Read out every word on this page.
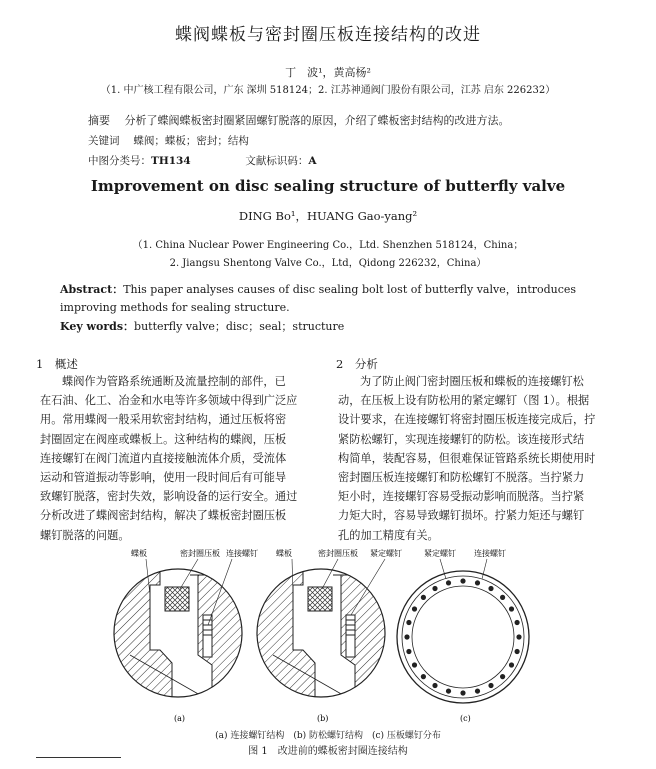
蝶阀蝶板与密封圈压板连接结构的改进
丁　波¹，黄高杨²
（1. 中广核工程有限公司，广东 深圳 518124；2. 江苏神通阀门股份有限公司，江苏 启东 226232）
摘要　 分析了蝶阀蝶板密封圈紧固螺钉脱落的原因，介绍了蝶板密封结构的改进方法。
关键词　 蝶阀；蝶板；密封；结构
中图分类号：TH134	文献标识码：A
Improvement on disc sealing structure of butterfly valve
DING Bo¹，HUANG Gao-yang²
（1. China Nuclear Power Engineering Co.，Ltd. Shenzhen 518124，China；
2. Jiangsu Shentong Valve Co.，Ltd，Qidong 226232，China）
Abstract：This paper analyses causes of disc sealing bolt lost of butterfly valve，introduces improving methods for sealing structure.
Key words：butterfly valve；disc；seal；structure
1　概述
蝶阀作为管路系统通断及流量控制的部件，已
在石油、化工、冶金和水电等许多领域中得到广泛应
用。常用蝶阀一般采用软密封结构，通过压板将密
封圈固定在阀座或蝶板上。这种结构的蝶阀，压板
连接螺钉在阀门流道内直接接触流体介质，受流体
运动和管道振动等影响，使用一段时间后有可能导
致螺钉脱落，密封失效，影响设备的运行安全。通过
分析改进了蝶阀密封结构，解决了蝶板密封圈压板
螺钉脱落的问题。
2　分析
为了防止阀门密封圈压板和蝶板的连接螺钉松
动，在压板上设有防松用的紧定螺钉（图 1）。根据
设计要求，在连接螺钉将密封圈压板连接完成后，拧
紧防松螺钉，实现连接螺钉的防松。该连接形式结
构简单，装配容易，但很难保证管路系统长期使用时
密封圈压板连接螺钉和防松螺钉不脱落。当拧紧力
矩小时，连接螺钉容易受振动影响而脱落。当拧紧
力矩大时，容易导致螺钉损坏。拧紧力矩还与螺钉
孔的加工精度有关。
蝶板	密封圈压板 连接螺钉
(a)
蝶板	密封圈压板 紧定螺钉
(b)
紧定螺钉 连接螺钉
(c)
(a) 连接螺钉结构　(b) 防松螺钉结构　(c) 压板螺钉分布
图 1　改进前的蝶板密封圈连接结构
